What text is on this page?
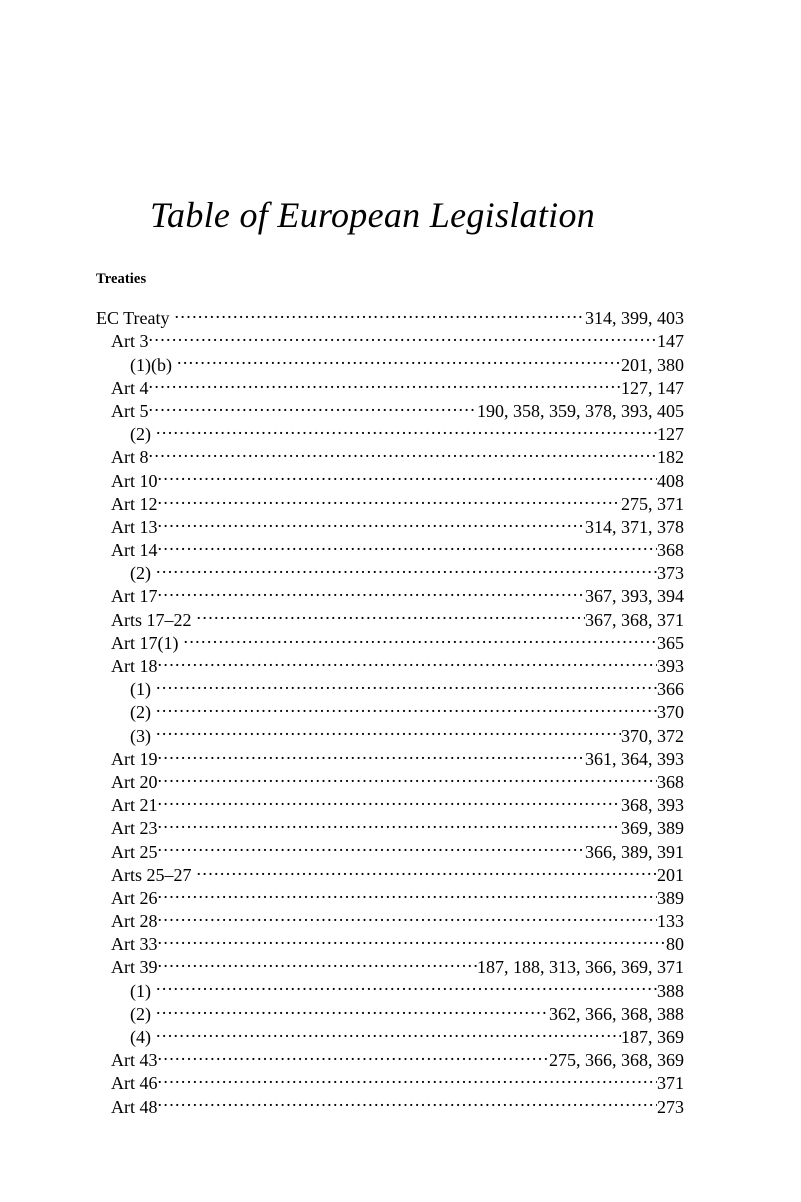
Table of European Legislation
Treaties
EC Treaty .....	314, 399, 403
Art 3 .....	147
(1)(b) .....	201, 380
Art 4 .....	127, 147
Art 5 .....	190, 358, 359, 378, 393, 405
(2) .....	127
Art 8 .....	182
Art 10 .....	408
Art 12 .....	275, 371
Art 13 .....	314, 371, 378
Art 14 .....	368
(2) .....	373
Art 17 .....	367, 393, 394
Arts 17–22 .....	367, 368, 371
Art 17(1) .....	365
Art 18 .....	393
(1) .....	366
(2) .....	370
(3) .....	370, 372
Art 19 .....	361, 364, 393
Art 20 .....	368
Art 21 .....	368, 393
Art 23 .....	369, 389
Art 25 .....	366, 389, 391
Arts 25–27 .....	201
Art 26 .....	389
Art 28 .....	133
Art 33 .....	80
Art 39 .....	187, 188, 313, 366, 369, 371
(1) .....	388
(2) .....	362, 366, 368, 388
(4) .....	187, 369
Art 43 .....	275, 366, 368, 369
Art 46 .....	371
Art 48 .....	273
